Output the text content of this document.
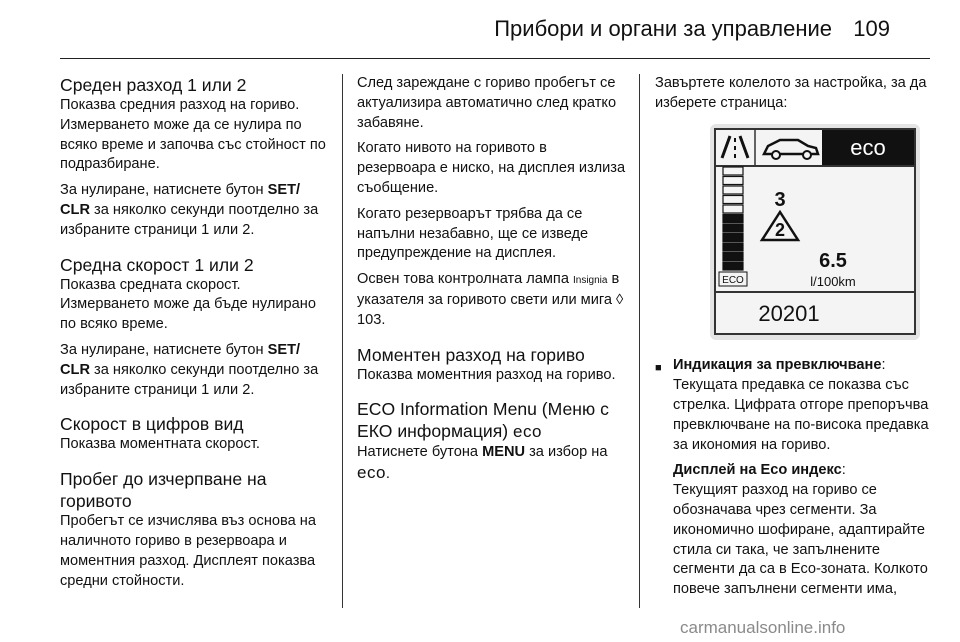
Прибори и органи за управление 109
Среден разход 1 или 2

Показва средния разход на гориво. Измерването може да се нулира по всяко време и започва със стойност по подразбиране.

За нулиране, натиснете бутон SET/ CLR за няколко секунди поотделно за избраните страници 1 или 2.

Средна скорост 1 или 2

Показва средната скорост. Измерването може да бъде нулирано по всяко време.

За нулиране, натиснете бутон SET/ CLR за няколко секунди поотделно за избраните страници 1 или 2.

Скорост в цифров вид

Показва моментната скорост.

Пробег до изчерпване на горивото

Пробегът се изчислява въз основа на наличното гориво в резервоара и моментния разход. Дисплеят показва средни стойности.

След зареждане с гориво пробегът се актуализира автоматично след кратко забавяне.

Когато нивото на горивото в резервоара е ниско, на дисплея излиза съобщение.

Когато резервоарът трябва да се напълни незабавно, ще се изведе предупреждение на дисплея.

Освен това контролната лампа Insignia в указателя за горивото свети или мига ◊ 103.

Моментен разход на гориво

Показва моментния разход на гориво.

ECO Information Menu (Меню с ЕКО информация) eco

Натиснете бутона MENU за избор на eco.

Завъртете колелото за настройка, за да изберете страница:

eco
ECO
3
2
6.5
l/100km
20201
■ Индикация за превключване:
Текущата предавка се показва със стрелка. Цифрата отгоре препоръчва превключване на по-висока предавка за икономия на гориво.

Дисплей на Eco индекс:
Текущият разход на гориво се обозначава чрез сегменти. За икономично шофиране, адаптирайте стила си така, че запълнените сегменти да са в Eco-зоната. Колкото повече запълнени сегменти има,

carmanualsonline.info
